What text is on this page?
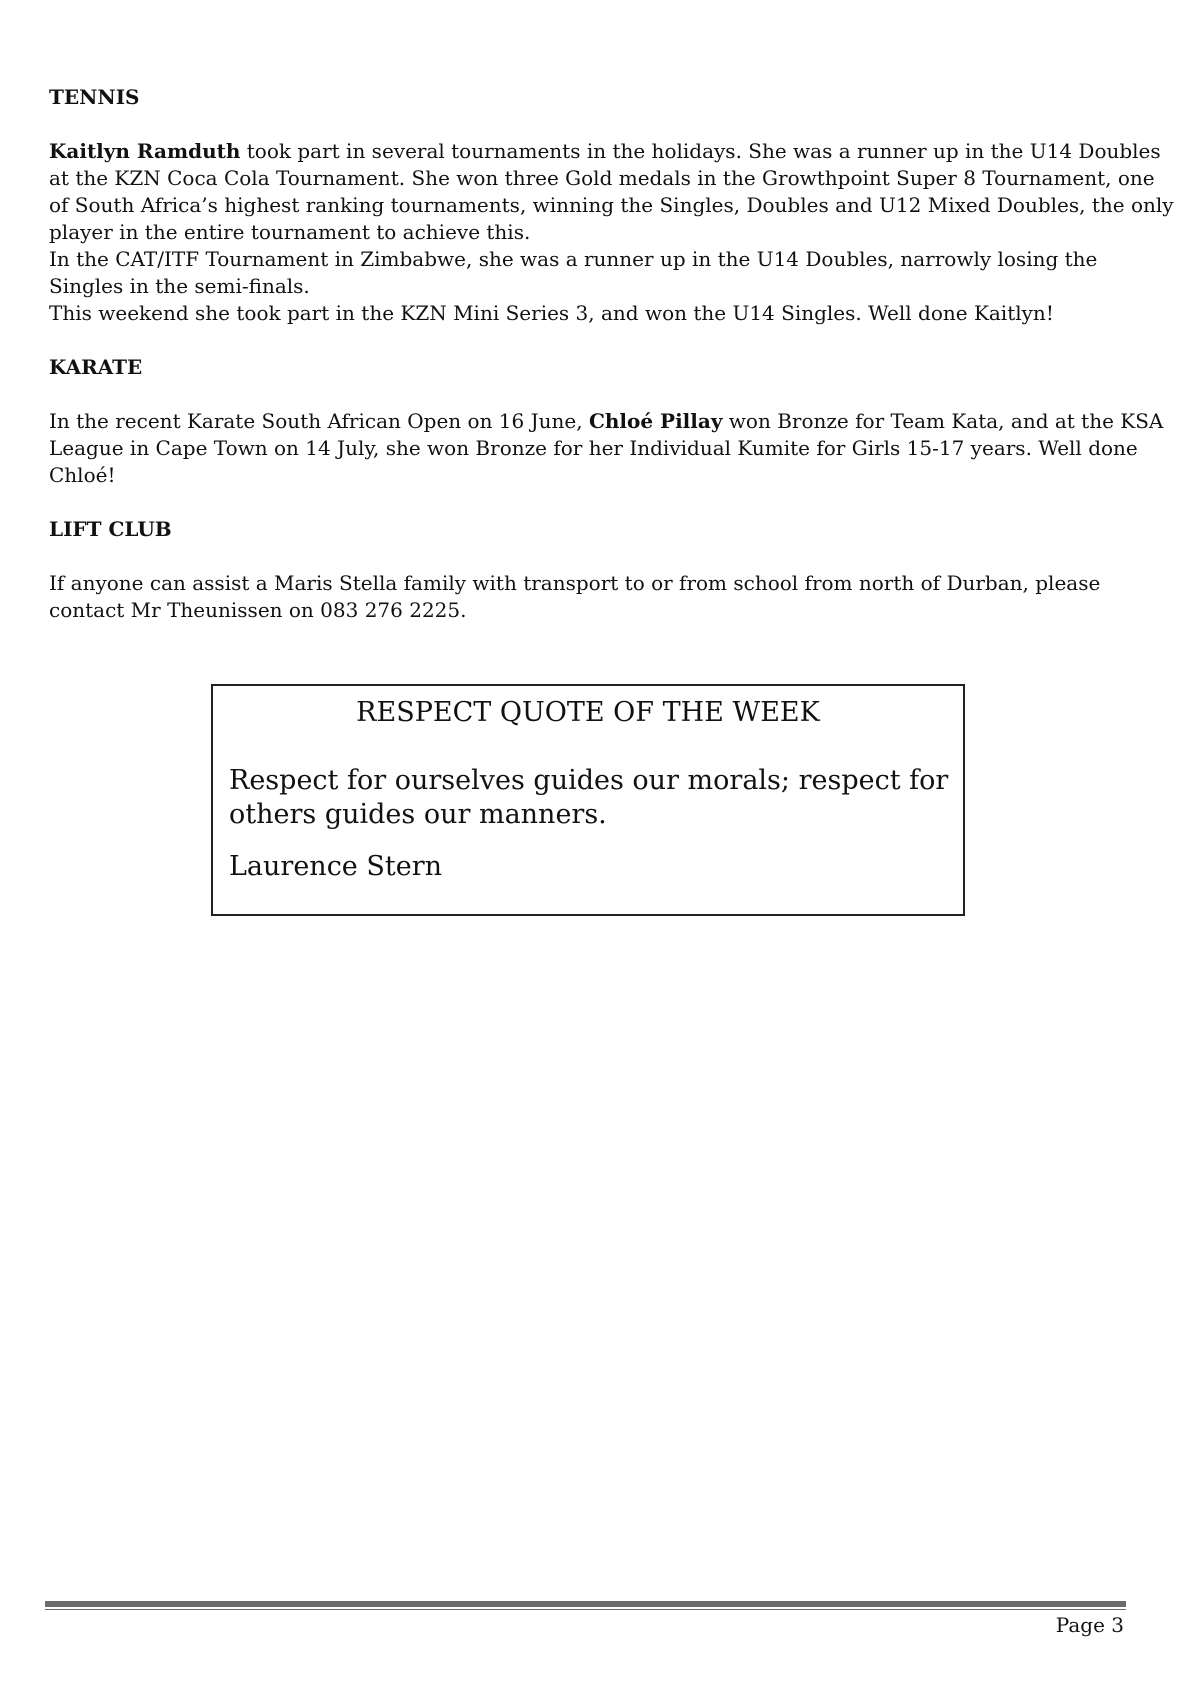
TENNIS

Kaitlyn Ramduth took part in several tournaments in the holidays. She was a runner up in the U14 Doubles
at the KZN Coca Cola Tournament. She won three Gold medals in the Growthpoint Super 8 Tournament, one
of South Africa’s highest ranking tournaments, winning the Singles, Doubles and U12 Mixed Doubles, the only
player in the entire tournament to achieve this.
In the CAT/ITF Tournament in Zimbabwe, she was a runner up in the U14 Doubles, narrowly losing the
Singles in the semi-finals.
This weekend she took part in the KZN Mini Series 3, and won the U14 Singles. Well done Kaitlyn!

KARATE

In the recent Karate South African Open on 16 June, Chloé Pillay won Bronze for Team Kata, and at the KSA
League in Cape Town on 14 July, she won Bronze for her Individual Kumite for Girls 15-17 years. Well done
Chloé!

LIFT CLUB

If anyone can assist a Maris Stella family with transport to or from school from north of Durban, please
contact Mr Theunissen on 083 276 2225.
RESPECT QUOTE OF THE WEEK
Respect for ourselves guides our morals; respect for
others guides our manners.
Laurence Stern
Page 3
